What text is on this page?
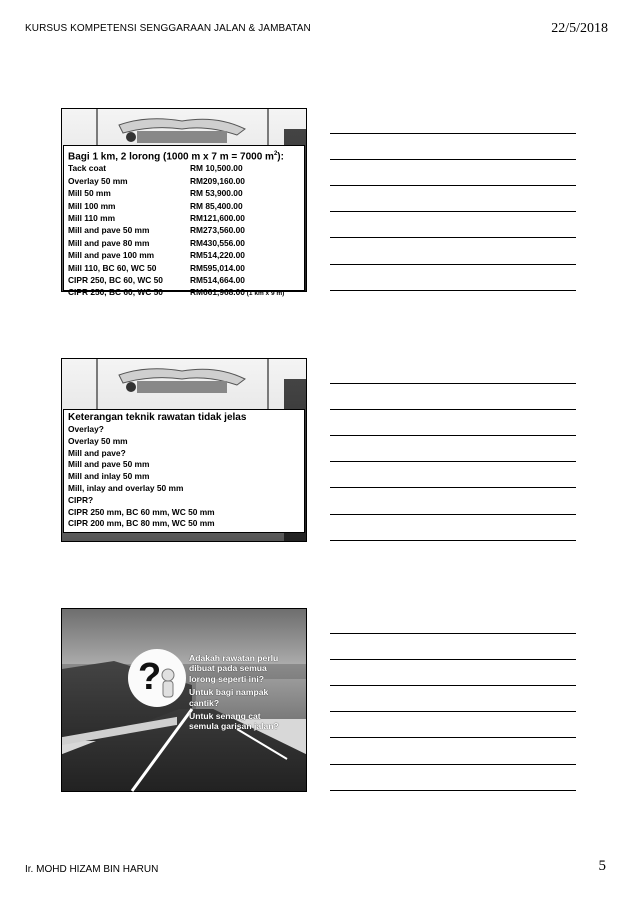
KURSUS KOMPETENSI SENGGARAAN JALAN & JAMBATAN	22/5/2018
Bagi 1 km, 2 lorong (1000 m x 7 m = 7000 $m^2$):
Tack coat	RM 10,500.00
Overlay 50 mm	RM209,160.00
Mill 50 mm	RM 53,900.00
Mill 100 mm	RM 85,400.00
Mill 110 mm	RM121,600.00
Mill and pave 50 mm	RM273,560.00
Mill and pave 80 mm	RM430,556.00
Mill and pave 100 mm	RM514,220.00
Mill 110, BC 60, WC 50	RM595,014.00
CIPR 250, BC 60, WC 50	RM514,664.00
CIPR 250, BC 60, WC 50	RM661,968.00 (1 km x 9 m)
Keterangan teknik rawatan tidak jelas
Overlay?
Overlay 50 mm
Mill and pave?
Mill and pave 50 mm
Mill and inlay 50 mm
Mill, inlay and overlay 50 mm
CIPR?
CIPR 250 mm, BC 60 mm, WC 50 mm
CIPR 200 mm, BC 80 mm, WC 50 mm
?	Adakah rawatan perlu dibuat pada semua lorong seperti ini?

Untuk bagi nampak cantik?

Untuk senang cat semula garisan jalan?

Ir. MOHD HIZAM BIN HARUN	5
